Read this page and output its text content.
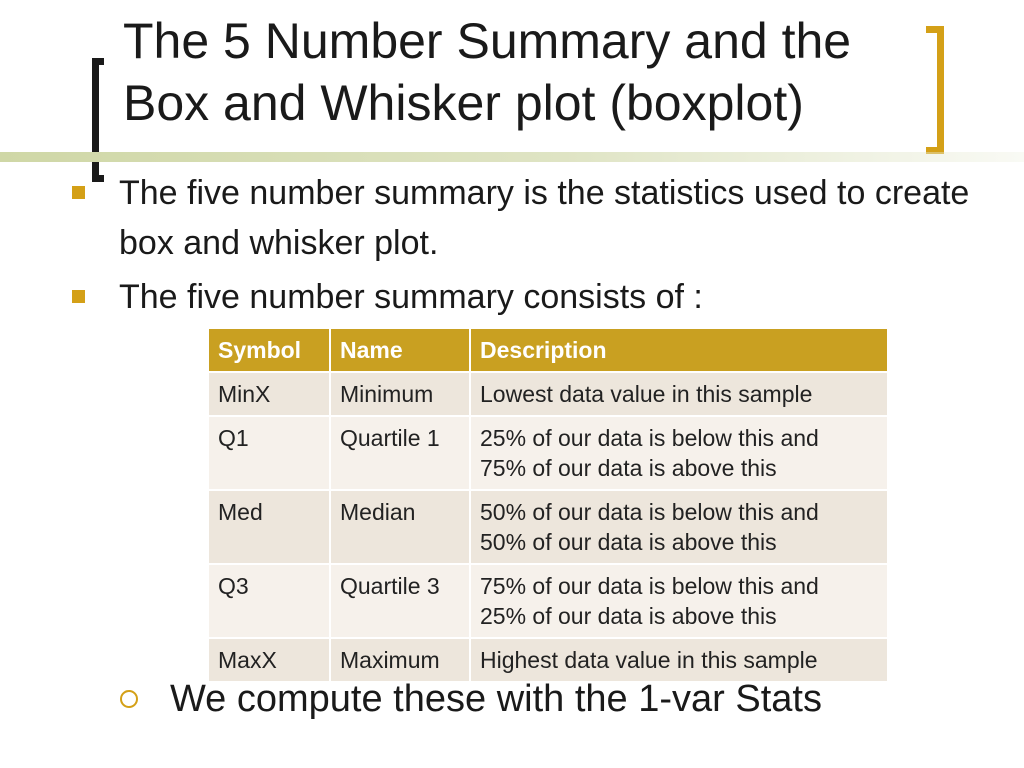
The 5 Number Summary and the
Box and Whisker plot (boxplot)
The five number summary is the statistics used to create box and whisker plot.
The five number summary consists of :
Symbol	Name	Description
MinX	Minimum	Lowest data value in this sample
Q1	Quartile 1	25% of our data is below this and
75% of our data is above this
Med	Median	50% of our data is below this and
50% of our data is above this
Q3	Quartile 3	75% of our data is below this and
25% of our data is above this
MaxX	Maximum	Highest data value in this sample
We compute these with the 1-var Stats
